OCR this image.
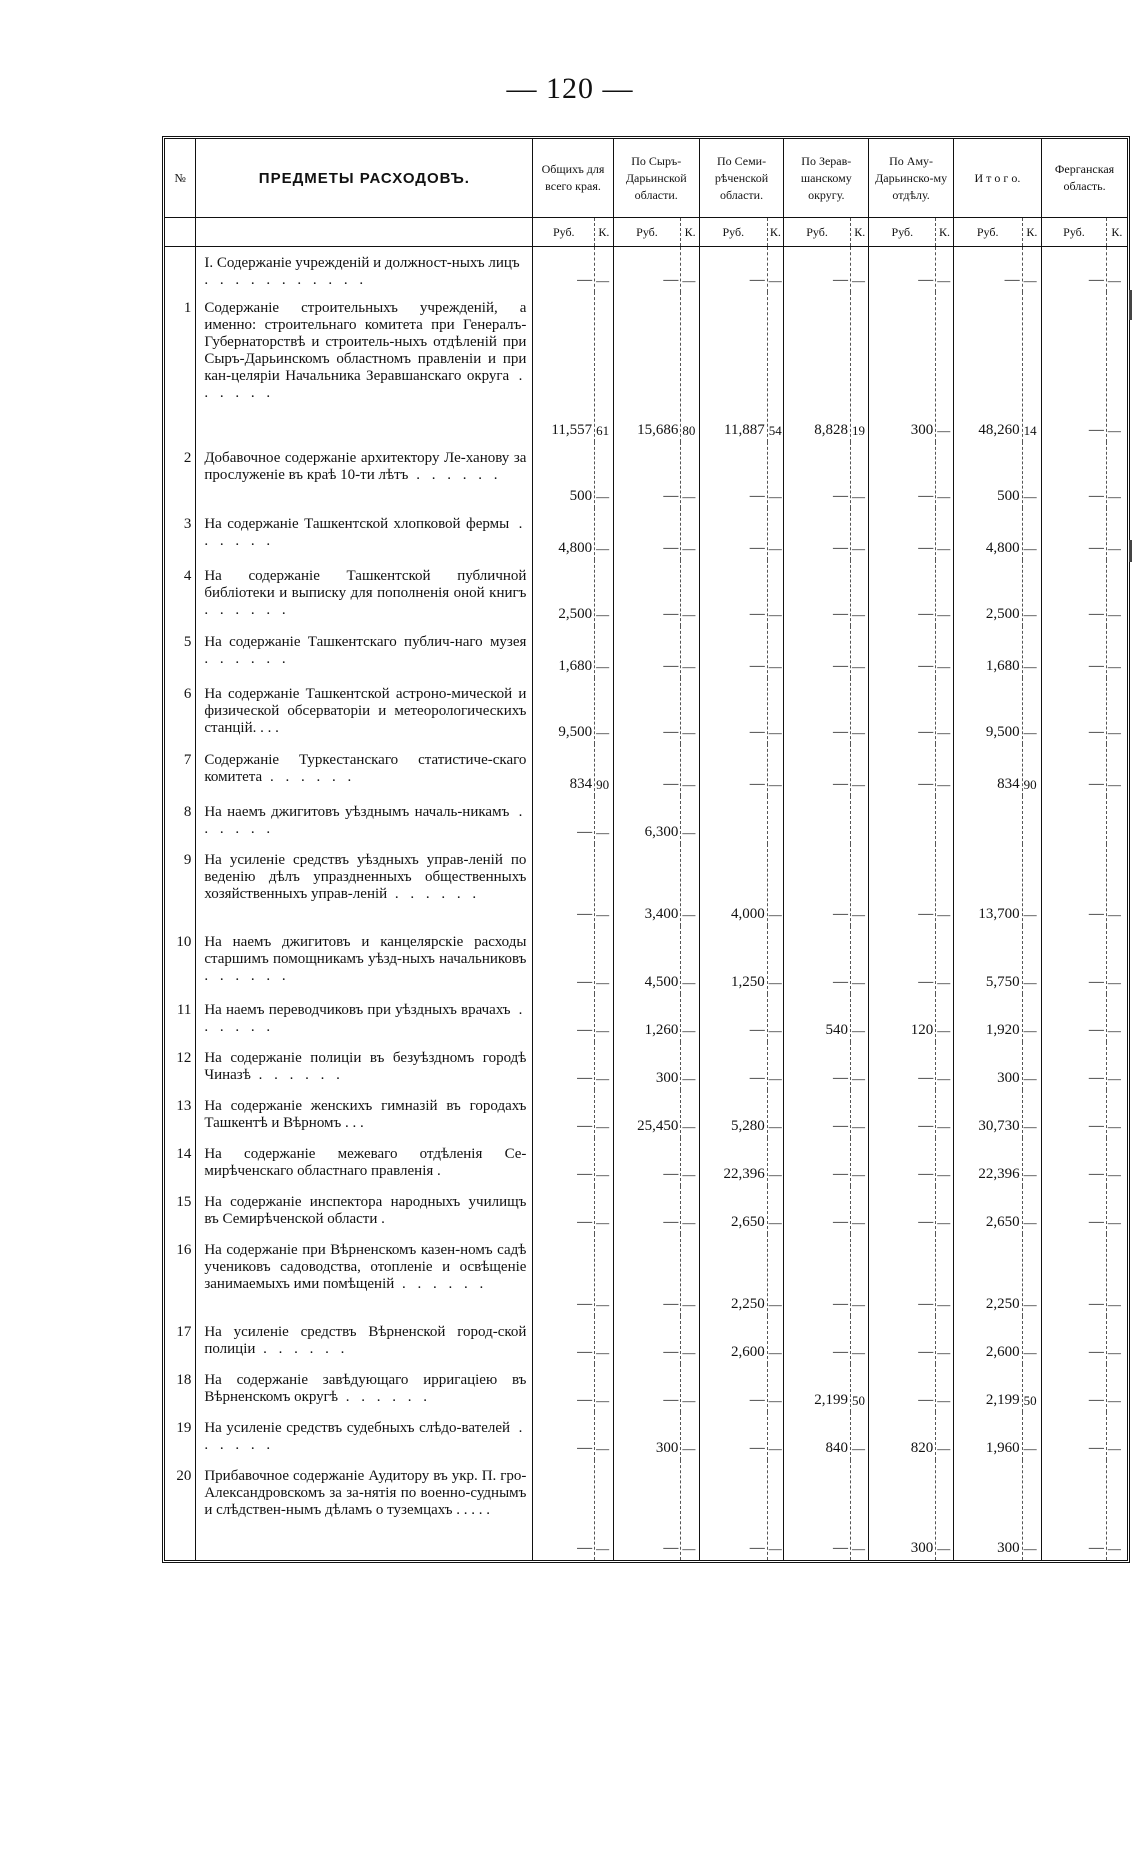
— 120 —
№	ПРЕДМЕТЫ РАСХОДОВЪ.	Общихъ для всего края.		По Сыръ-Дарьинской области.		По Семи-рѣченской области.		По Зерав-шанскому округу.		По Аму-Дарьинско-му отдѣлу.		И т о г о.		Ферганская область.	
		Руб.	К.	Руб.	К.	Руб.	К.	Руб.	К.	Руб.	К.	Руб.	К.	Руб.	К.
	I. Содержаніе учрежденій и должност-ныхъ лицъ . . . . . . . . . . .	—	—	—	—	—	—	—	—	—	—	—	—	—	—
1	Содержаніе строительныхъ учрежденій, а именно: строительнаго комитета при Генералъ-Губернаторствѣ и строитель-ныхъ отдѣленій при Сыръ-Дарьинскомъ областномъ правленіи и при кан-целяріи Начальника Зеравшанскаго округа . . . . . .	11,557	61	15,686	80	11,887	54	8,828	19	300	—	48,260	14	—	—
2	Добавочное содержаніе архитектору Ле-ханову за прослуженіе въ краѣ 10-ти лѣтъ . . . . . .	500	—	—	—	—	—	—	—	—	—	500	—	—	—
3	На содержаніе Ташкентской хлопковой фермы . . . . . .	4,800	—	—	—	—	—	—	—	—	—	4,800	—	—	—
4	На содержаніе Ташкентской публичной библіотеки и выписку для пополненія оной книгъ . . . . . .	2,500	—	—	—	—	—	—	—	—	—	2,500	—	—	—
5	На содержаніе Ташкентскаго публич-наго музея . . . . . .	1,680	—	—	—	—	—	—	—	—	—	1,680	—	—	—
6	На содержаніе Ташкентской астроно-мической и физической обсерваторіи и метеорологическихъ станцій. . . .	9,500	—	—	—	—	—	—	—	—	—	9,500	—	—	—
7	Содержаніе Туркестанскаго статистиче-скаго комитета . . . . . .	834	90	—	—	—	—	—	—	—	—	834	90	—	—
8	На наемъ джигитовъ уѣзднымъ началь-никамъ . . . . . .	—	—	6,300	—										
9	На усиленіе средствъ уѣздныхъ управ-леній по веденію дѣлъ упраздненныхъ общественныхъ хозяйственныхъ управ-леній . . . . . .	—	—	3,400	—	4,000	—	—	—	—	—	13,700	—	—	—
10	На наемъ джигитовъ и канцелярскіе расходы старшимъ помощникамъ уѣзд-ныхъ начальниковъ . . . . . .	—	—	4,500	—	1,250	—	—	—	—	—	5,750	—	—	—
11	На наемъ переводчиковъ при уѣздныхъ врачахъ . . . . . .	—	—	1,260	—	—	—	540	—	120	—	1,920	—	—	—
12	На содержаніе полиціи въ безуѣздномъ городѣ Чиназѣ . . . . . .	—	—	300	—	—	—	—	—	—	—	300	—	—	—
13	На содержаніе женскихъ гимназій въ городахъ Ташкентѣ и Вѣрномъ . . .	—	—	25,450	—	5,280	—	—	—	—	—	30,730	—	—	—
14	На содержаніе межеваго отдѣленія Се-мирѣченскаго областнаго правленія .	—	—	—	—	22,396	—	—	—	—	—	22,396	—	—	—
15	На содержаніе инспектора народныхъ училищъ въ Семирѣченской области .	—	—	—	—	2,650	—	—	—	—	—	2,650	—	—	—
16	На содержаніе при Вѣрненскомъ казен-номъ садѣ учениковъ садоводства, отопленіе и освѣщеніе занимаемыхъ ими помѣщеній . . . . . .	—	—	—	—	2,250	—	—	—	—	—	2,250	—	—	—
17	На усиленіе средствъ Вѣрненской город-ской полиціи . . . . . .	—	—	—	—	2,600	—	—	—	—	—	2,600	—	—	—
18	На содержаніе завѣдующаго ирригаціею въ Вѣрненскомъ округѣ . . . . . .	—	—	—	—	—	—	2,199	50	—	—	2,199	50	—	—
19	На усиленіе средствъ судебныхъ слѣдо-вателей . . . . . .	—	—	300	—	—	—	840	—	820	—	1,960	—	—	—
20	Прибавочное содержаніе Аудитору въ укр. П. гро-Александровскомъ за за-нятія по военно-суднымъ и слѣдствен-нымъ дѣламъ о туземцахъ . . . . .	—	—	—	—	—	—	—	—	300	—	300	—	—	—
